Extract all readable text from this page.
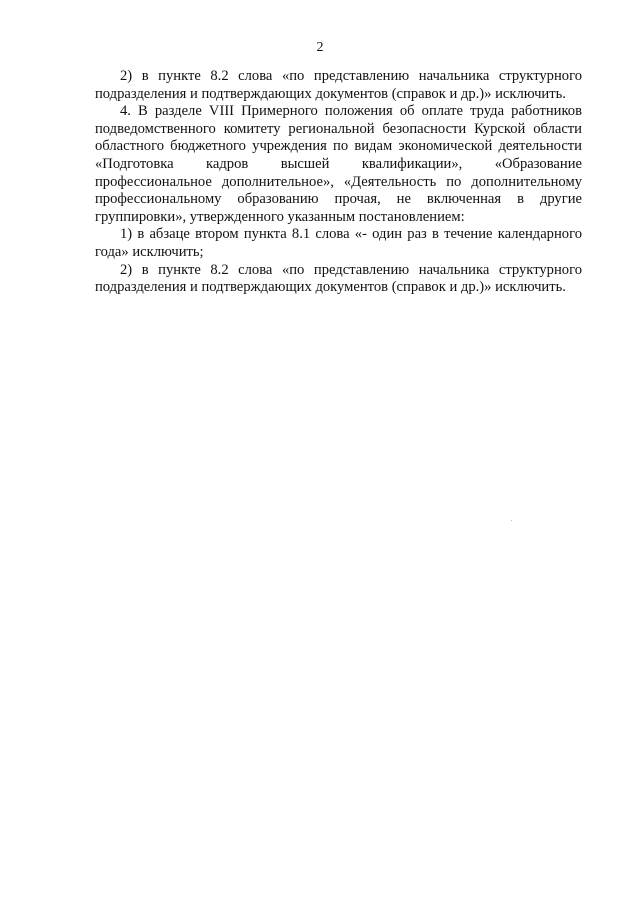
2

2) в пункте 8.2 слова «по представлению начальника структурного подразделения и подтверждающих документов (справок и др.)» исключить.

4. В разделе VIII Примерного положения об оплате труда работников подведомственного комитету региональной безопасности Курской области областного бюджетного учреждения по видам экономической деятельности «Подготовка кадров высшей квалификации», «Образование профессиональное дополнительное», «Деятельность по дополнительному профессиональному образованию прочая, не включенная в другие группировки», утвержденного указанным постановлением:

1) в абзаце втором пункта 8.1 слова «- один раз в течение календарного года» исключить;

2) в пункте 8.2 слова «по представлению начальника структурного подразделения и подтверждающих документов (справок и др.)» исключить.
